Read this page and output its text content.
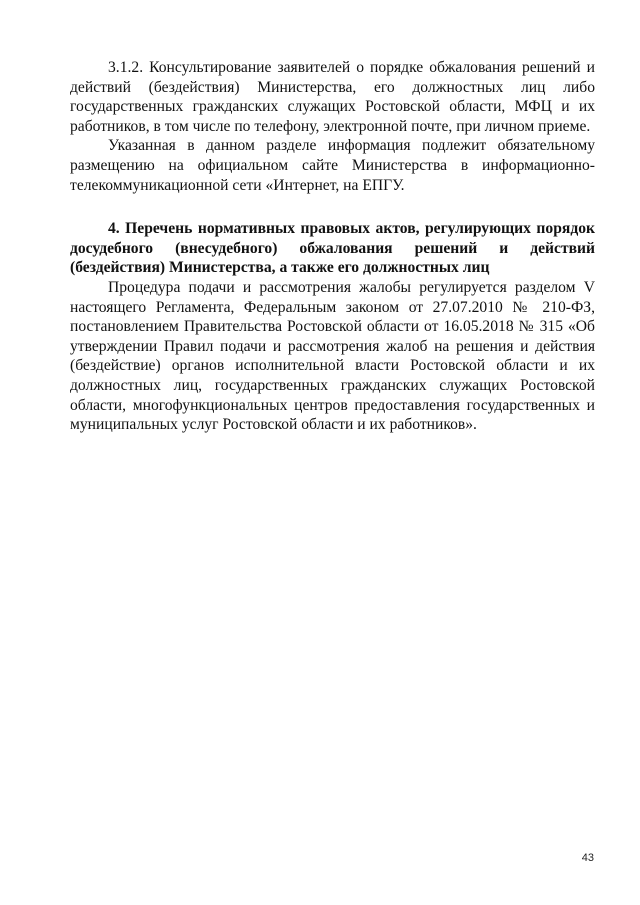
3.1.2. Консультирование заявителей о порядке обжалования решений и действий (бездействия) Министерства, его должностных лиц либо государственных гражданских служащих Ростовской области, МФЦ и их работников, в том числе по телефону, электронной почте, при личном приеме.

Указанная в данном разделе информация подлежит обязательному размещению на официальном сайте Министерства в информационно-телекоммуникационной сети «Интернет, на ЕПГУ.

4. Перечень нормативных правовых актов, регулирующих порядок досудебного (внесудебного) обжалования решений и действий (бездействия) Министерства, а также его должностных лиц

Процедура подачи и рассмотрения жалобы регулируется разделом V настоящего Регламента, Федеральным законом от 27.07.2010 № 210-ФЗ, постановлением Правительства Ростовской области от 16.05.2018 № 315 «Об утверждении Правил подачи и рассмотрения жалоб на решения и действия (бездействие) органов исполнительной власти Ростовской области и их должностных лиц, государственных гражданских служащих Ростовской области, многофункциональных центров предоставления государственных и муниципальных услуг Ростовской области и их работников».

43
